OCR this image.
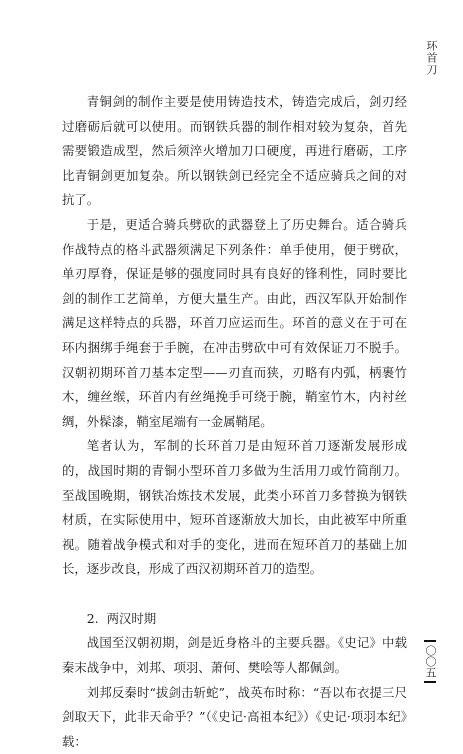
环首刀

青铜剑的制作主要是使用铸造技术，铸造完成后，剑刃经过磨砺后就可以使用。而钢铁兵器的制作相对较为复杂，首先需要锻造成型，然后须淬火增加刀口硬度，再进行磨砺，工序比青铜剑更加复杂。所以钢铁剑已经完全不适应骑兵之间的对抗了。

于是，更适合骑兵劈砍的武器登上了历史舞台。适合骑兵作战特点的格斗武器须满足下列条件：单手使用，便于劈砍，单刃厚脊，保证是够的强度同时具有良好的锋利性，同时要比剑的制作工艺简单，方便大量生产。由此，西汉军队开始制作满足这样特点的兵器，环首刀应运而生。环首的意义在于可在环内捆绑手绳套于手腕，在冲击劈砍中可有效保证刀不脱手。汉朝初期环首刀基本定型——刃直而狭，刃略有内弧，柄裹竹木，缠丝缑，环首内有丝绳挽手可绕于腕，鞘室竹木，内衬丝绸，外髹漆，鞘室尾端有一金属鞘尾。

笔者认为，军制的长环首刀是由短环首刀逐渐发展形成的，战国时期的青铜小型环首刀多做为生活用刀或竹简削刀。至战国晚期，钢铁冶炼技术发展，此类小环首刀多替换为钢铁材质，在实际使用中，短环首逐渐放大加长，由此被军中所重视。随着战争模式和对手的变化，进而在短环首刀的基础上加长，逐步改良，形成了西汉初期环首刀的造型。

2. 两汉时期

战国至汉朝初期，剑是近身格斗的主要兵器。《史记》中载秦末战争中，刘邦、项羽、萧何、樊哙等人都佩剑。

刘邦反秦时“拔剑击斩蛇”，战英布时称：“吾以布衣提三尺剑取天下，此非天命乎？”（《史记·高祖本纪》）《史记·项羽本纪》载：

〇〇五
